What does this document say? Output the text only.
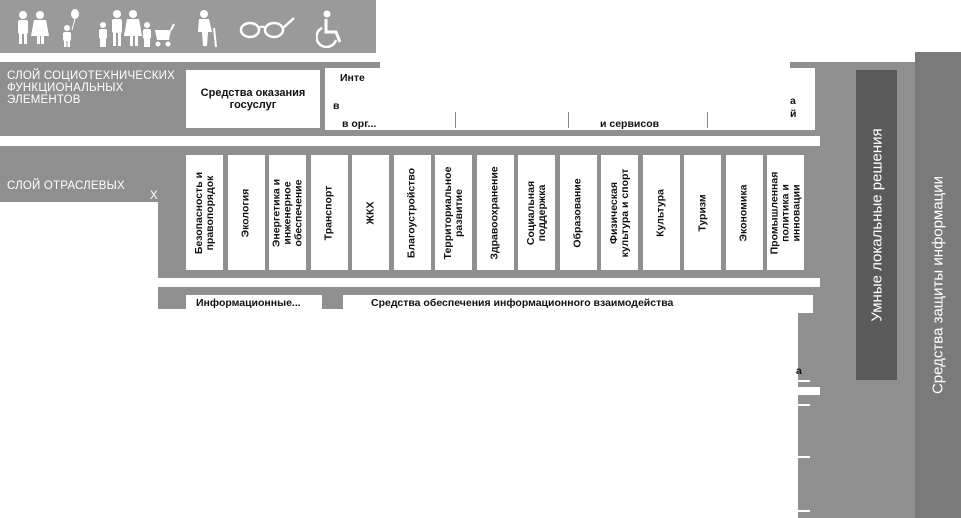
Средства защиты информации
Умные локальные решения
СЛОЙ СОЦИОТЕХНИЧЕСКИХ ФУНКЦИОНАЛЬНЫХ ЭЛЕМЕНТОВ
Средства оказания госуслуг
Инте
в
в орг...	и сервисов
а
й
СЛОЙ ОТРАСЛЕВЫХ
Х	Безопасность и правопорядок Экология Энергетика и инженерное обеспечение Транспорт	ЖКХ	Благоустройство Территориальное развитие Здравоохранение Социальная поддержка Образование Физическая культура и спорт Культура	Туризм	Экономика Промышленная политика и инновации
Информационные...	Средства обеспечения информационного взаимодейства
а
